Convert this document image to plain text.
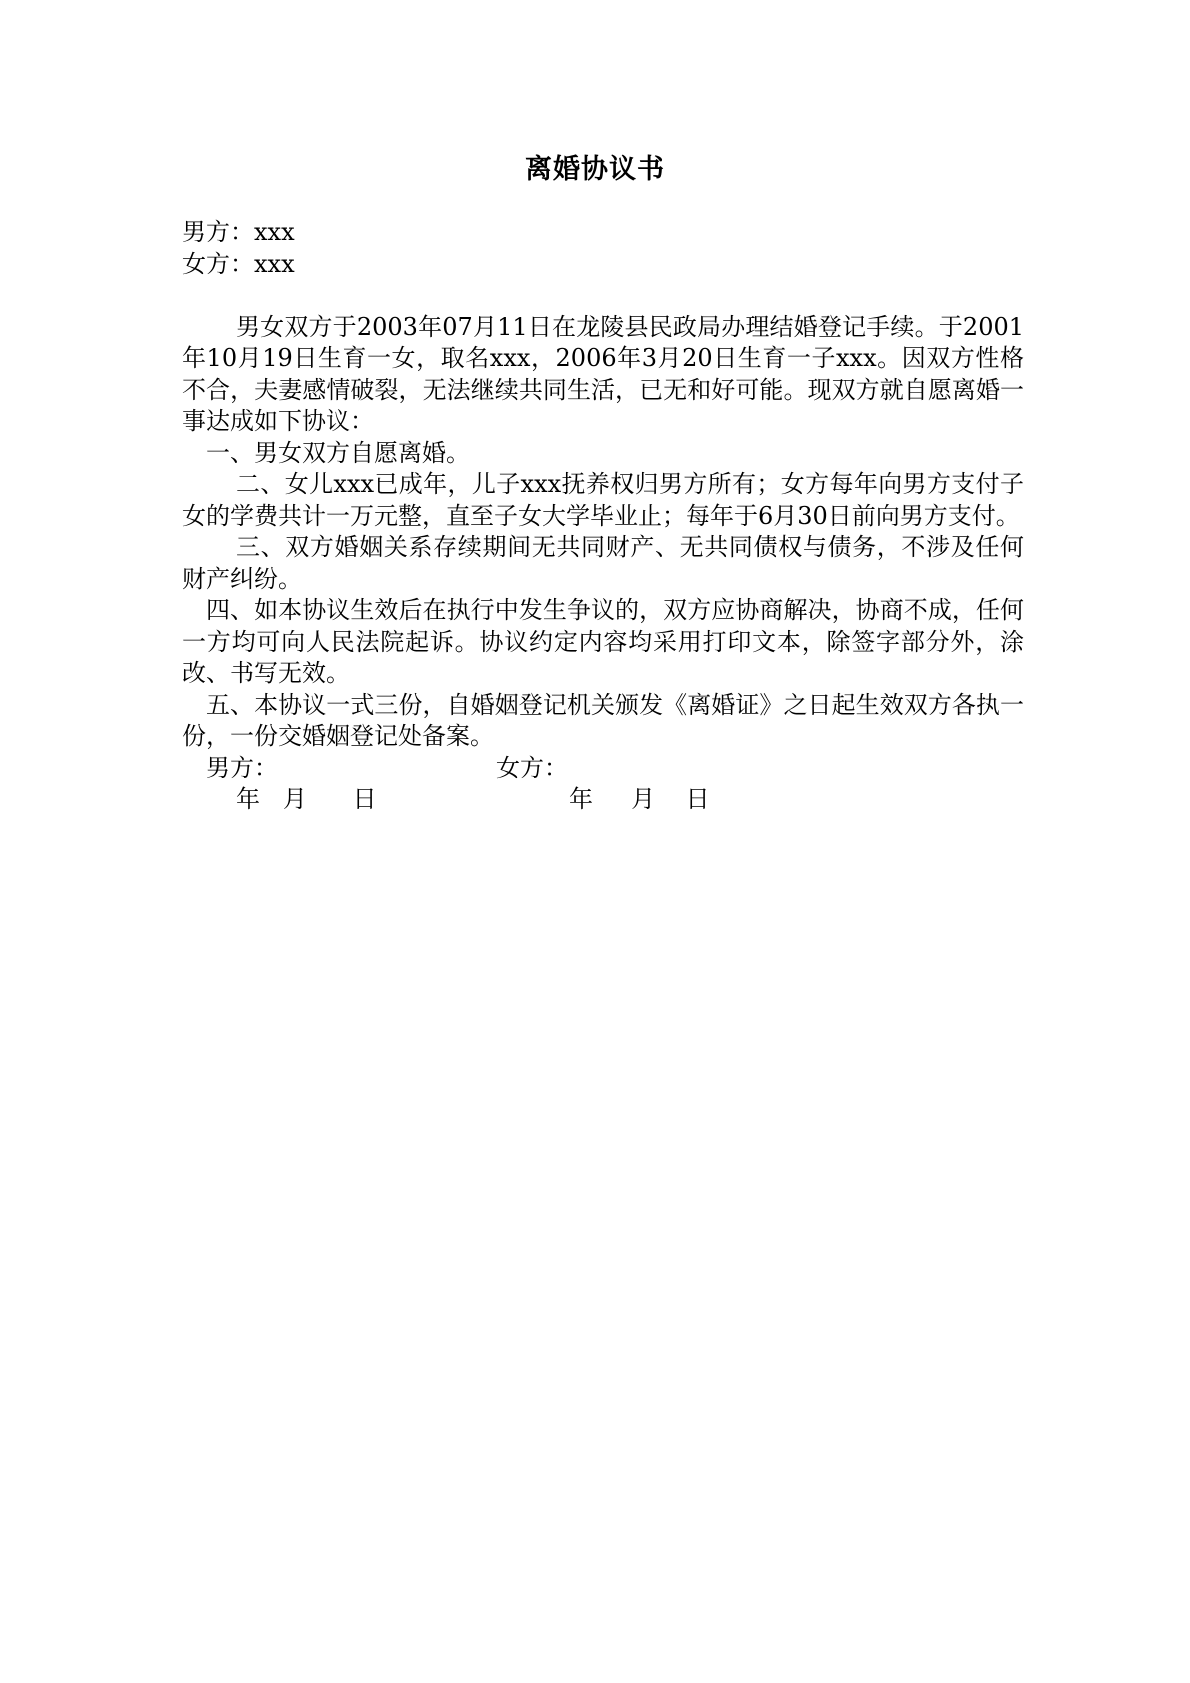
离婚协议书

男方：xxx

女方：xxx

男女双方于2003年07月11日在龙陵县民政局办理结婚登记手续。于2001年10月19日生育一女，取名xxx，2006年3月20日生育一子xxx。因双方性格不合，夫妻感情破裂，无法继续共同生活，已无和好可能。现双方就自愿离婚一事达成如下协议：

一、男女双方自愿离婚。

二、女儿xxx已成年，儿子xxx抚养权归男方所有；女方每年向男方支付子女的学费共计一万元整，直至子女大学毕业止；每年于6月30日前向男方支付。

三、双方婚姻关系存续期间无共同财产、无共同债权与债务，不涉及任何财产纠纷。

四、如本协议生效后在执行中发生争议的，双方应协商解决，协商不成，任何一方均可向人民法院起诉。协议约定内容均采用打印文本，除签字部分外，涂改、书写无效。

五、本协议一式三份，自婚姻登记机关颁发《离婚证》之日起生效双方各执一份，一份交婚姻登记处备案。

男方：	女方：
年   月      日	年     月    日
